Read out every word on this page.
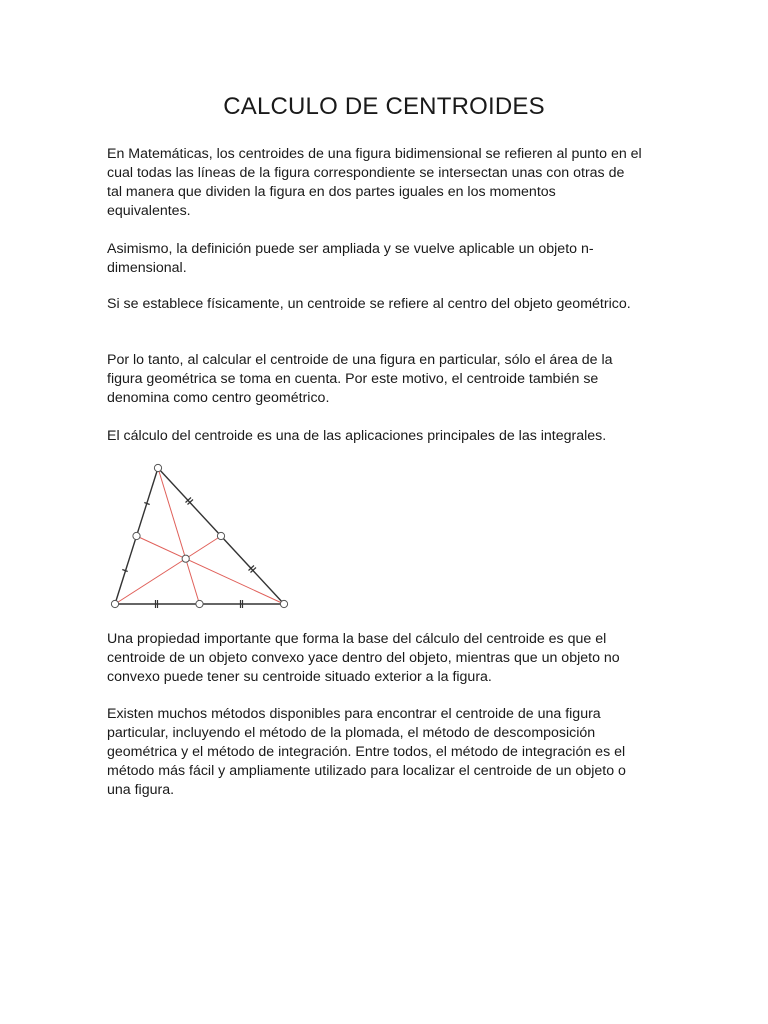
CALCULO DE CENTROIDES

En Matemáticas, los centroides de una figura bidimensional se refieren al punto en el cual todas las líneas de la figura correspondiente se intersectan unas con otras de tal manera que dividen la figura en dos partes iguales en los momentos equivalentes.

Asimismo, la definición puede ser ampliada y se vuelve aplicable un objeto n-dimensional.

Si se establece físicamente, un centroide se refiere al centro del objeto geométrico.

Por lo tanto, al calcular el centroide de una figura en particular, sólo el área de la figura geométrica se toma en cuenta. Por este motivo, el centroide también se denomina como centro geométrico.

El cálculo del centroide es una de las aplicaciones principales de las integrales.

Una propiedad importante que forma la base del cálculo del centroide es que el centroide de un objeto convexo yace dentro del objeto, mientras que un objeto no convexo puede tener su centroide situado exterior a la figura.

Existen muchos métodos disponibles para encontrar el centroide de una figura particular, incluyendo el método de la plomada, el método de descomposición geométrica y el método de integración. Entre todos, el método de integración es el método más fácil y ampliamente utilizado para localizar el centroide de un objeto o una figura.
